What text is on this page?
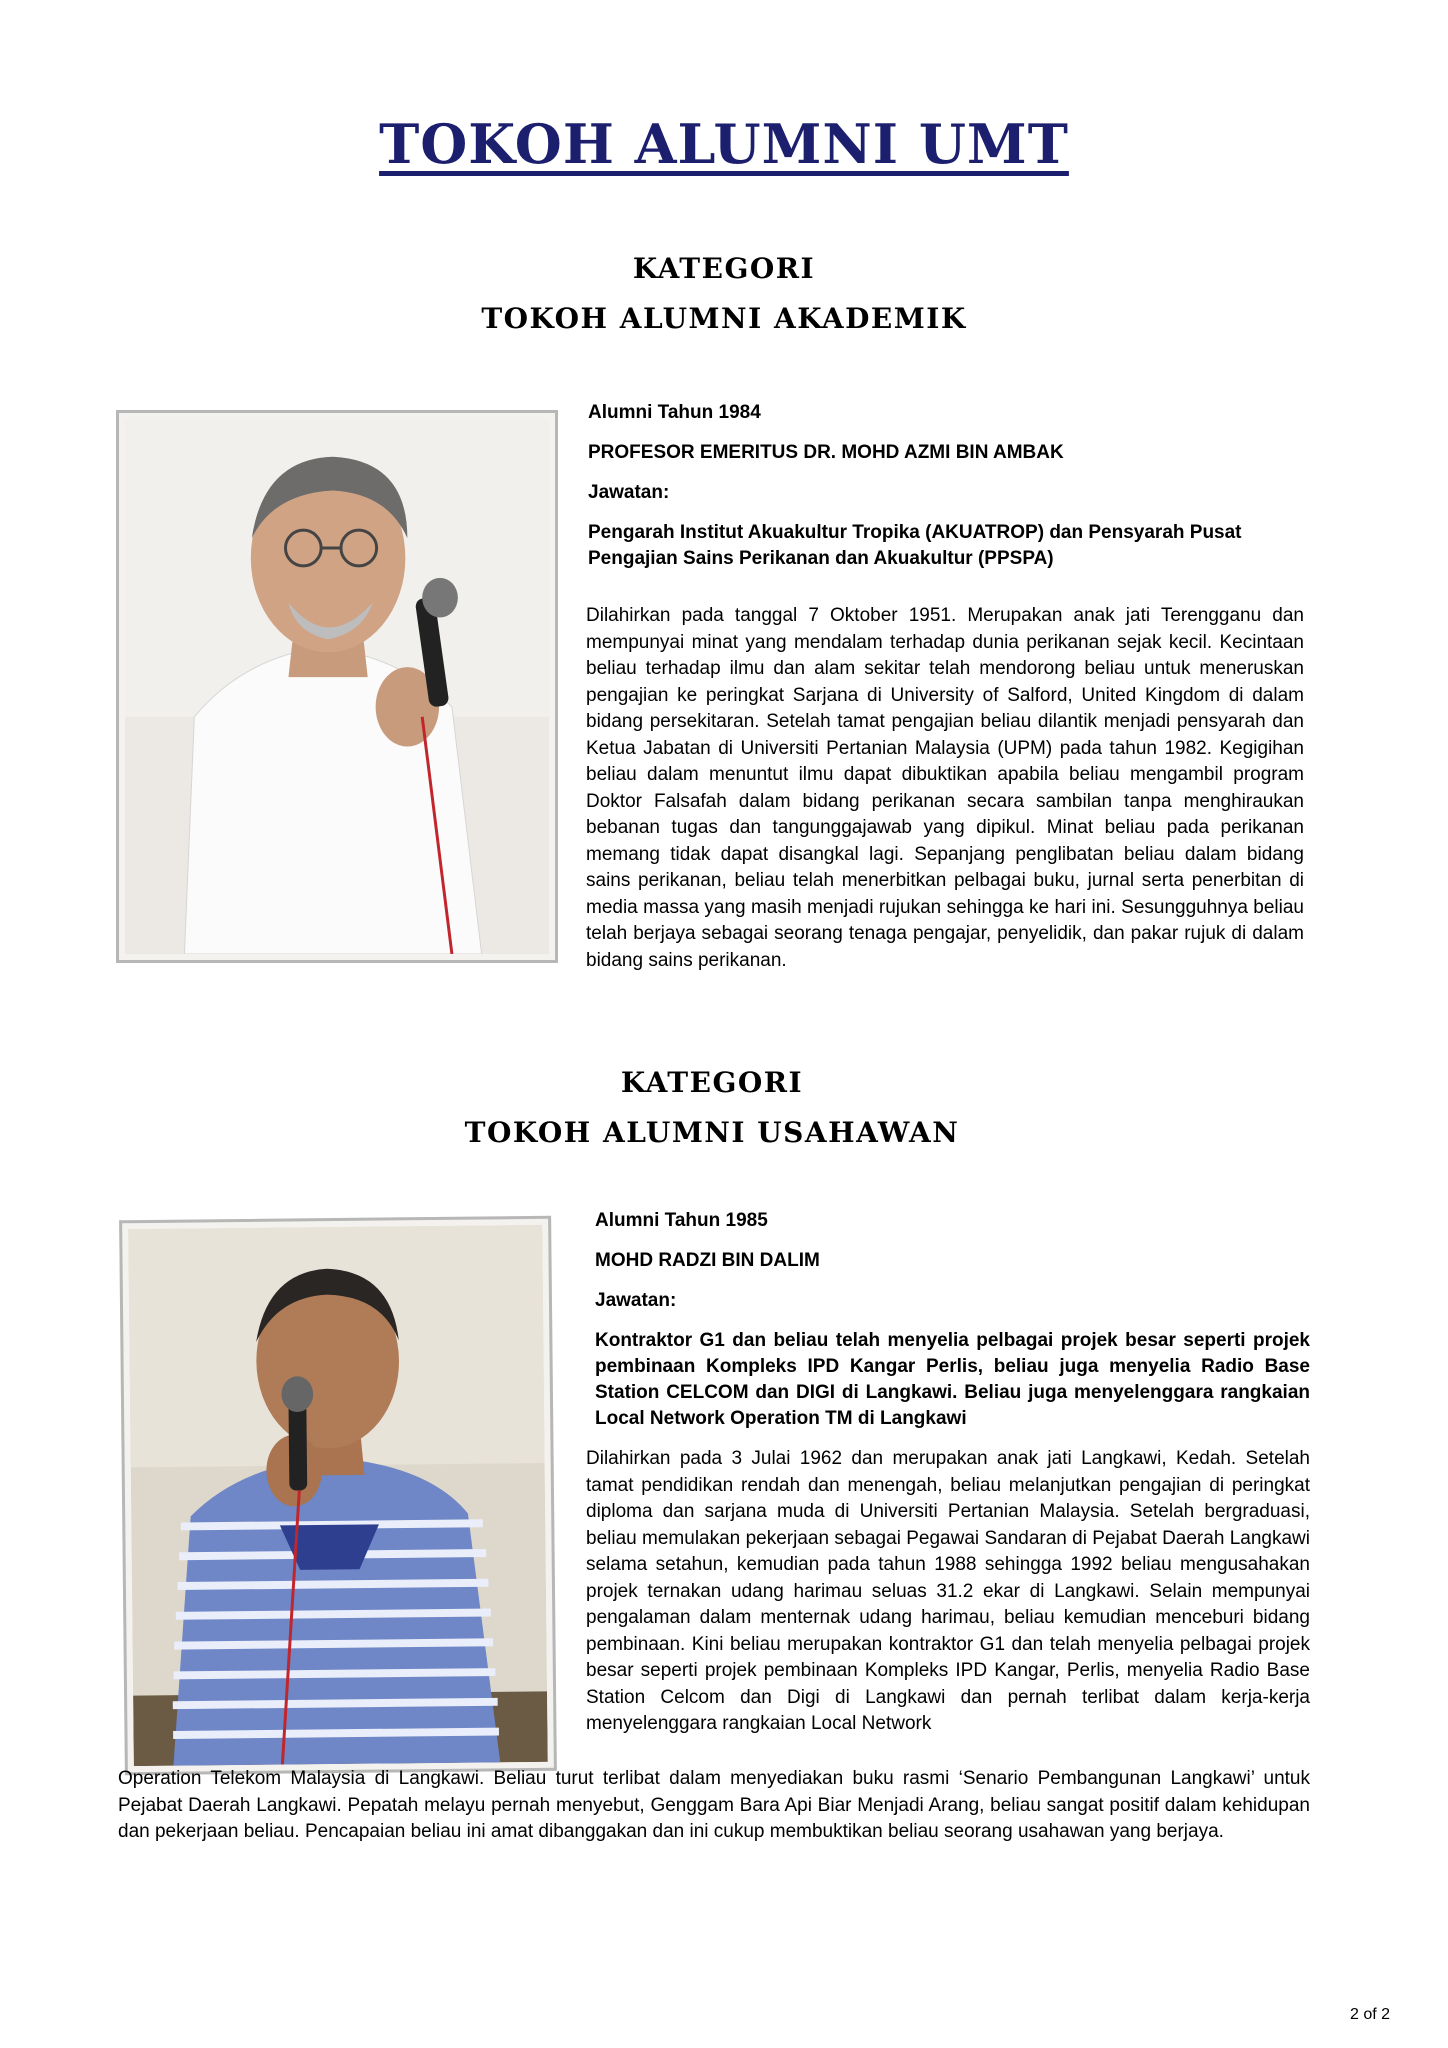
TOKOH ALUMNI UMT
KATEGORI
TOKOH ALUMNI AKADEMIK
Alumni Tahun 1984
PROFESOR EMERITUS DR. MOHD AZMI BIN AMBAK
Jawatan:
Pengarah Institut Akuakultur Tropika (AKUATROP) dan Pensyarah Pusat Pengajian Sains Perikanan dan Akuakultur (PPSPA)
Dilahirkan pada tanggal 7 Oktober 1951. Merupakan anak jati Terengganu dan mempunyai minat yang mendalam terhadap dunia perikanan sejak kecil. Kecintaan beliau terhadap ilmu dan alam sekitar telah mendorong beliau untuk meneruskan pengajian ke peringkat Sarjana di University of Salford, United Kingdom di dalam bidang persekitaran. Setelah tamat pengajian beliau dilantik menjadi pensyarah dan Ketua Jabatan di Universiti Pertanian Malaysia (UPM) pada tahun 1982. Kegigihan beliau dalam menuntut ilmu dapat dibuktikan apabila beliau mengambil program Doktor Falsafah dalam bidang perikanan secara sambilan tanpa menghiraukan bebanan tugas dan tangunggajawab yang dipikul. Minat beliau pada perikanan memang tidak dapat disangkal lagi. Sepanjang penglibatan beliau dalam bidang sains perikanan, beliau telah menerbitkan pelbagai buku, jurnal serta penerbitan di media massa yang masih menjadi rujukan sehingga ke hari ini. Sesungguhnya beliau telah berjaya sebagai seorang tenaga pengajar, penyelidik, dan pakar rujuk di dalam bidang sains perikanan.
KATEGORI
TOKOH ALUMNI USAHAWAN
Alumni Tahun 1985
MOHD RADZI BIN DALIM
Jawatan:
Kontraktor G1 dan beliau telah menyelia pelbagai projek besar seperti projek pembinaan Kompleks IPD Kangar Perlis, beliau juga menyelia Radio Base Station CELCOM dan DIGI di Langkawi. Beliau juga menyelenggara rangkaian Local Network Operation TM di Langkawi
Dilahirkan pada 3 Julai 1962 dan merupakan anak jati Langkawi, Kedah. Setelah tamat pendidikan rendah dan menengah, beliau melanjutkan pengajian di peringkat diploma dan sarjana muda di Universiti Pertanian Malaysia. Setelah bergraduasi, beliau memulakan pekerjaan sebagai Pegawai Sandaran di Pejabat Daerah Langkawi selama setahun, kemudian pada tahun 1988 sehingga 1992 beliau mengusahakan projek ternakan udang harimau seluas 31.2 ekar di Langkawi. Selain mempunyai pengalaman dalam menternak udang harimau, beliau kemudian menceburi bidang pembinaan. Kini beliau merupakan kontraktor G1 dan telah menyelia pelbagai projek besar seperti projek pembinaan Kompleks IPD Kangar, Perlis, menyelia Radio Base Station Celcom dan Digi di Langkawi dan pernah terlibat dalam kerja-kerja menyelenggara rangkaian Local Network
Operation Telekom Malaysia di Langkawi. Beliau turut terlibat dalam menyediakan buku rasmi ‘Senario Pembangunan Langkawi’ untuk Pejabat Daerah Langkawi. Pepatah melayu pernah menyebut, Genggam Bara Api Biar Menjadi Arang, beliau sangat positif dalam kehidupan dan pekerjaan beliau. Pencapaian beliau ini amat dibanggakan dan ini cukup membuktikan beliau seorang usahawan yang berjaya.
2 of 2
